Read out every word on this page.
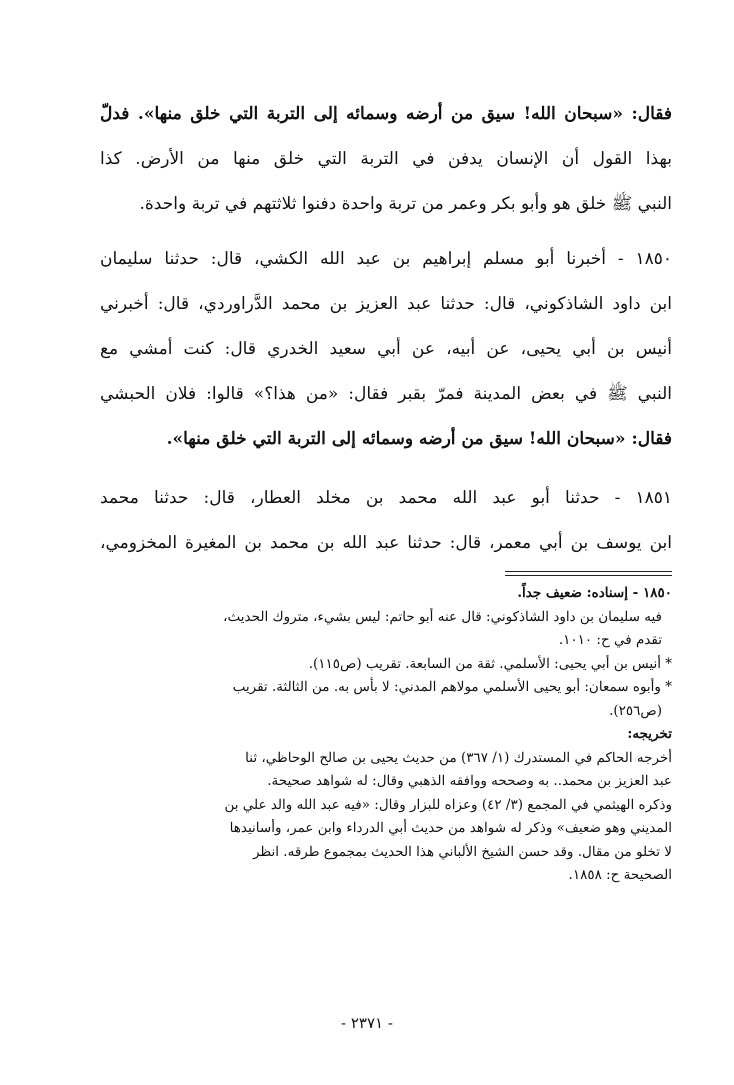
فقال: «سبحان الله! سيق من أرضه وسمائه إلى التربة التي خلق منها». فدلّ
بهذا القول أن الإنسان يدفن في التربة التي خلق منها من الأرض. كذا
النبي ﷺ خلق هو وأبو بكر وعمر من تربة واحدة دفنوا ثلاثتهم في تربة واحدة.
١٨٥٠ - أخبرنا أبو مسلم إبراهيم بن عبد الله الكشي، قال: حدثنا سليمان
ابن داود الشاذكوني، قال: حدثنا عبد العزيز بن محمد الدَّراوردي، قال: أخبرني
أنيس بن أبي يحيى، عن أبيه، عن أبي سعيد الخدري قال: كنت أمشي مع
النبي ﷺ في بعض المدينة فمرّ بقبر فقال: «من هذا؟» قالوا: فلان الحبشي
فقال: «سبحان الله! سيق من أرضه وسمائه إلى التربة التي خلق منها».
١٨٥١ - حدثنا أبو عبد الله محمد بن مخلد العطار، قال: حدثنا محمد
ابن يوسف بن أبي معمر، قال: حدثنا عبد الله بن محمد بن المغيرة المخزومي،
١٨٥٠ - إسناده: ضعيف جداً.
فيه سليمان بن داود الشاذكوني: قال عنه أبو حاتم: ليس بشيء، متروك الحديث،
تقدم في ح: ١٠١٠.
* أنيس بن أبي يحيى: الأسلمي. ثقة من السابعة. تقريب (ص١١٥).
* وأبوه سمعان: أبو يحيى الأسلمي مولاهم المدني: لا بأس به. من الثالثة. تقريب
(ص٢٥٦).
تخريجه:
أخرجه الحاكم في المستدرك (١/ ٣٦٧) من حديث يحيى بن صالح الوحاظي، ثنا
عبد العزيز بن محمد.. به وصححه ووافقه الذهبي وقال: له شواهد صحيحة.
وذكره الهيثمي في المجمع (٣/ ٤٢) وعزاه للبزار وقال: «فيه عبد الله والد علي بن
المديني وهو ضعيف» وذكر له شواهد من حديث أبي الدرداء وابن عمر، وأسانيدها
لا تخلو من مقال. وقد حسن الشيخ الألباني هذا الحديث بمجموع طرقه. انظر
الصحيحة ح: ١٨٥٨.
- ٢٣٧١ -
